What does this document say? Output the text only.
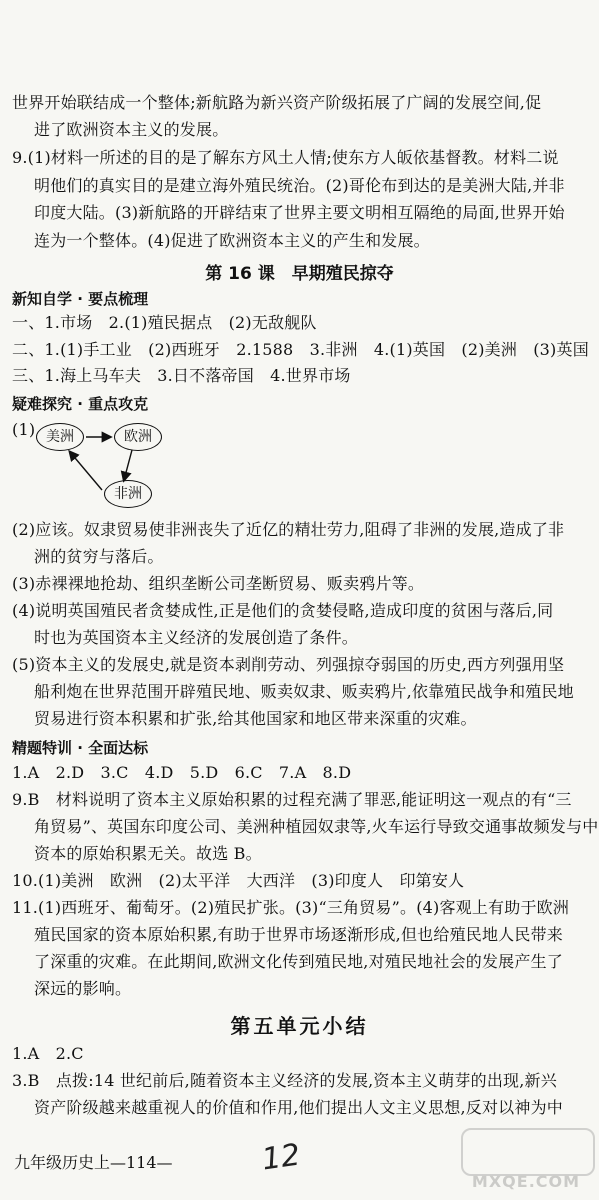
世界开始联结成一个整体;新航路为新兴资产阶级拓展了广阔的发展空间,促
进了欧洲资本主义的发展。
9.(1)材料一所述的目的是了解东方风土人情;使东方人皈依基督教。材料二说
明他们的真实目的是建立海外殖民统治。(2)哥伦布到达的是美洲大陆,并非
印度大陆。(3)新航路的开辟结束了世界主要文明相互隔绝的局面,世界开始
连为一个整体。(4)促进了欧洲资本主义的产生和发展。
第 16 课　早期殖民掠夺
新知自学 · 要点梳理
一、1.市场　2.(1)殖民据点　(2)无敌舰队
二、1.(1)手工业　(2)西班牙　2.1588　3.非洲　4.(1)英国　(2)美洲　(3)英国
三、1.海上马车夫　3.日不落帝国　4.世界市场
疑难探究 · 重点攻克
(1) 美洲	欧洲
非洲
(2)应该。奴隶贸易使非洲丧失了近亿的精壮劳力,阻碍了非洲的发展,造成了非
洲的贫穷与落后。
(3)赤裸裸地抢劫、组织垄断公司垄断贸易、贩卖鸦片等。
(4)说明英国殖民者贪婪成性,正是他们的贪婪侵略,造成印度的贫困与落后,同
时也为英国资本主义经济的发展创造了条件。
(5)资本主义的发展史,就是资本剥削劳动、列强掠夺弱国的历史,西方列强用坚
船利炮在世界范围开辟殖民地、贩卖奴隶、贩卖鸦片,依靠殖民战争和殖民地
贸易进行资本积累和扩张,给其他国家和地区带来深重的灾难。
精题特训 · 全面达标
1.A　2.D　3.C　4.D　5.D　6.C　7.A　8.D
9.B　材料说明了资本主义原始积累的过程充满了罪恶,能证明这一观点的有“三
角贸易”、英国东印度公司、美洲种植园奴隶等,火车运行导致交通事故频发与中
资本的原始积累无关。故选 B。
10.(1)美洲　欧洲　(2)太平洋　大西洋　(3)印度人　印第安人
11.(1)西班牙、葡萄牙。(2)殖民扩张。(3)“三角贸易”。(4)客观上有助于欧洲
殖民国家的资本原始积累,有助于世界市场逐渐形成,但也给殖民地人民带来
了深重的灾难。在此期间,欧洲文化传到殖民地,对殖民地社会的发展产生了
深远的影响。
第五单元小结
1.A　2.C
3.B　点拨:14 世纪前后,随着资本主义经济的发展,资本主义萌芽的出现,新兴
资产阶级越来越重视人的价值和作用,他们提出人文主义思想,反对以神为中
九年级历史上—114—	12
MXQE.COM
